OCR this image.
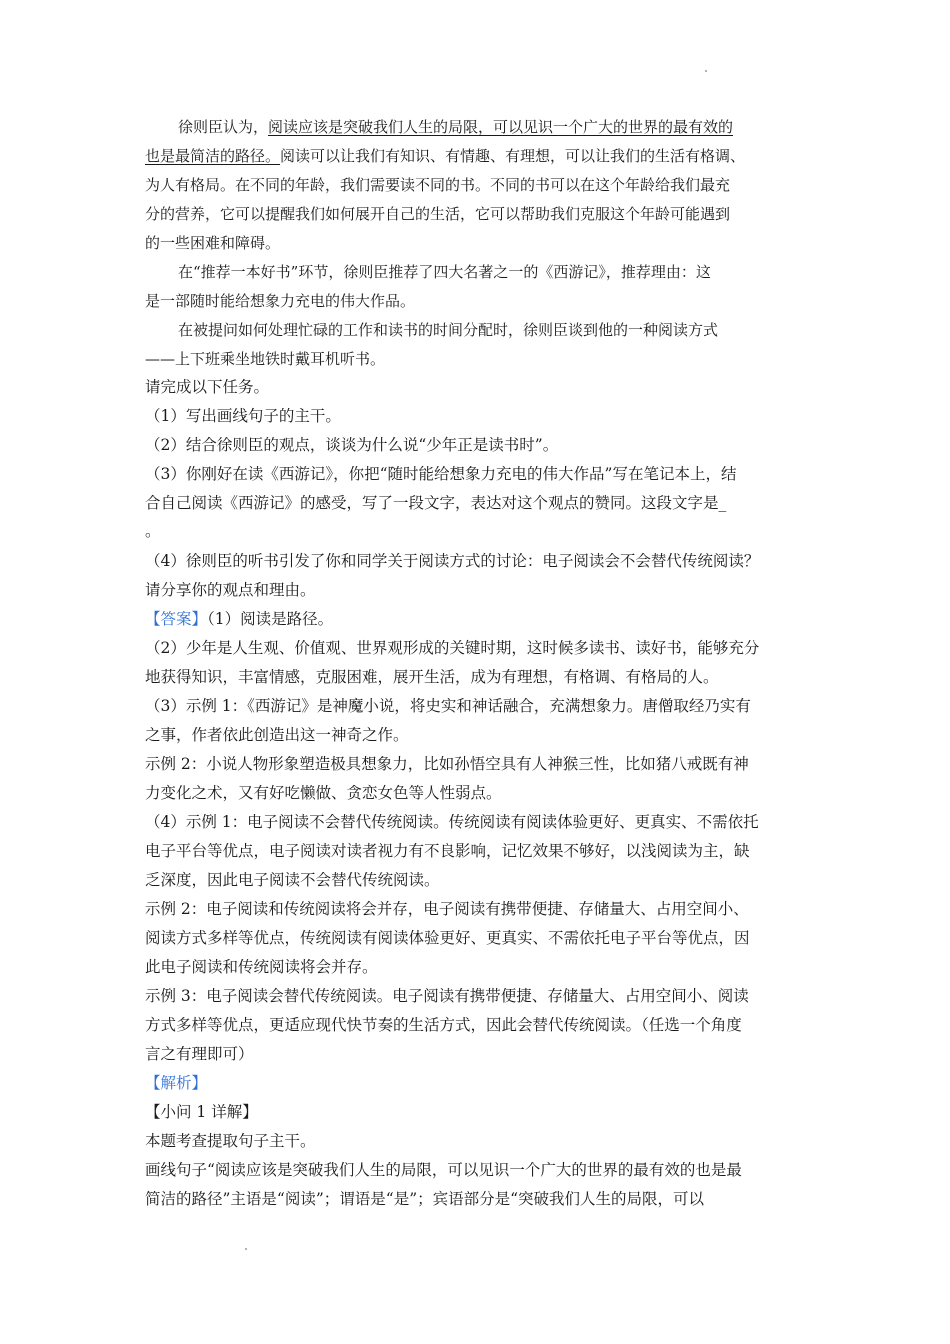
徐则臣认为，阅读应该是突破我们人生的局限，可以见识一个广大的世界的最有效的
也是最简洁的路径。阅读可以让我们有知识、有情趣、有理想，可以让我们的生活有格调、
为人有格局。在不同的年龄，我们需要读不同的书。不同的书可以在这个年龄给我们最充
分的营养，它可以提醒我们如何展开自己的生活，它可以帮助我们克服这个年龄可能遇到
的一些困难和障碍。
在“推荐一本好书”环节，徐则臣推荐了四大名著之一的《西游记》，推荐理由：这
是一部随时能给想象力充电的伟大作品。
在被提问如何处理忙碌的工作和读书的时间分配时，徐则臣谈到他的一种阅读方式
——上下班乘坐地铁时戴耳机听书。
请完成以下任务。
（1）写出画线句子的主干。
（2）结合徐则臣的观点，谈谈为什么说“少年正是读书时”。
（3）你刚好在读《西游记》，你把“随时能给想象力充电的伟大作品”写在笔记本上，结
合自己阅读《西游记》的感受，写了一段文字，表达对这个观点的赞同。这段文字是_
。
（4）徐则臣的听书引发了你和同学关于阅读方式的讨论：电子阅读会不会替代传统阅读？
请分享你的观点和理由。
【答案】（1）阅读是路径。
（2）少年是人生观、价值观、世界观形成的关键时期，这时候多读书、读好书，能够充分
地获得知识，丰富情感，克服困难，展开生活，成为有理想，有格调、有格局的人。
（3）示例 1：《西游记》是神魔小说，将史实和神话融合，充满想象力。唐僧取经乃实有
之事，作者依此创造出这一神奇之作。
示例 2：小说人物形象塑造极具想象力，比如孙悟空具有人神猴三性，比如猪八戒既有神
力变化之术，又有好吃懒做、贪恋女色等人性弱点。
（4）示例 1：电子阅读不会替代传统阅读。传统阅读有阅读体验更好、更真实、不需依托
电子平台等优点，电子阅读对读者视力有不良影响，记忆效果不够好，以浅阅读为主，缺
乏深度，因此电子阅读不会替代传统阅读。
示例 2：电子阅读和传统阅读将会并存，电子阅读有携带便捷、存储量大、占用空间小、
阅读方式多样等优点，传统阅读有阅读体验更好、更真实、不需依托电子平台等优点，因
此电子阅读和传统阅读将会并存。
示例 3：电子阅读会替代传统阅读。电子阅读有携带便捷、存储量大、占用空间小、阅读
方式多样等优点，更适应现代快节奏的生活方式，因此会替代传统阅读。（任选一个角度
言之有理即可）
【解析】
【小问 1 详解】
本题考查提取句子主干。
画线句子“阅读应该是突破我们人生的局限，可以见识一个广大的世界的最有效的也是最
简洁的路径”主语是“阅读”；谓语是“是”；宾语部分是“突破我们人生的局限，可以
